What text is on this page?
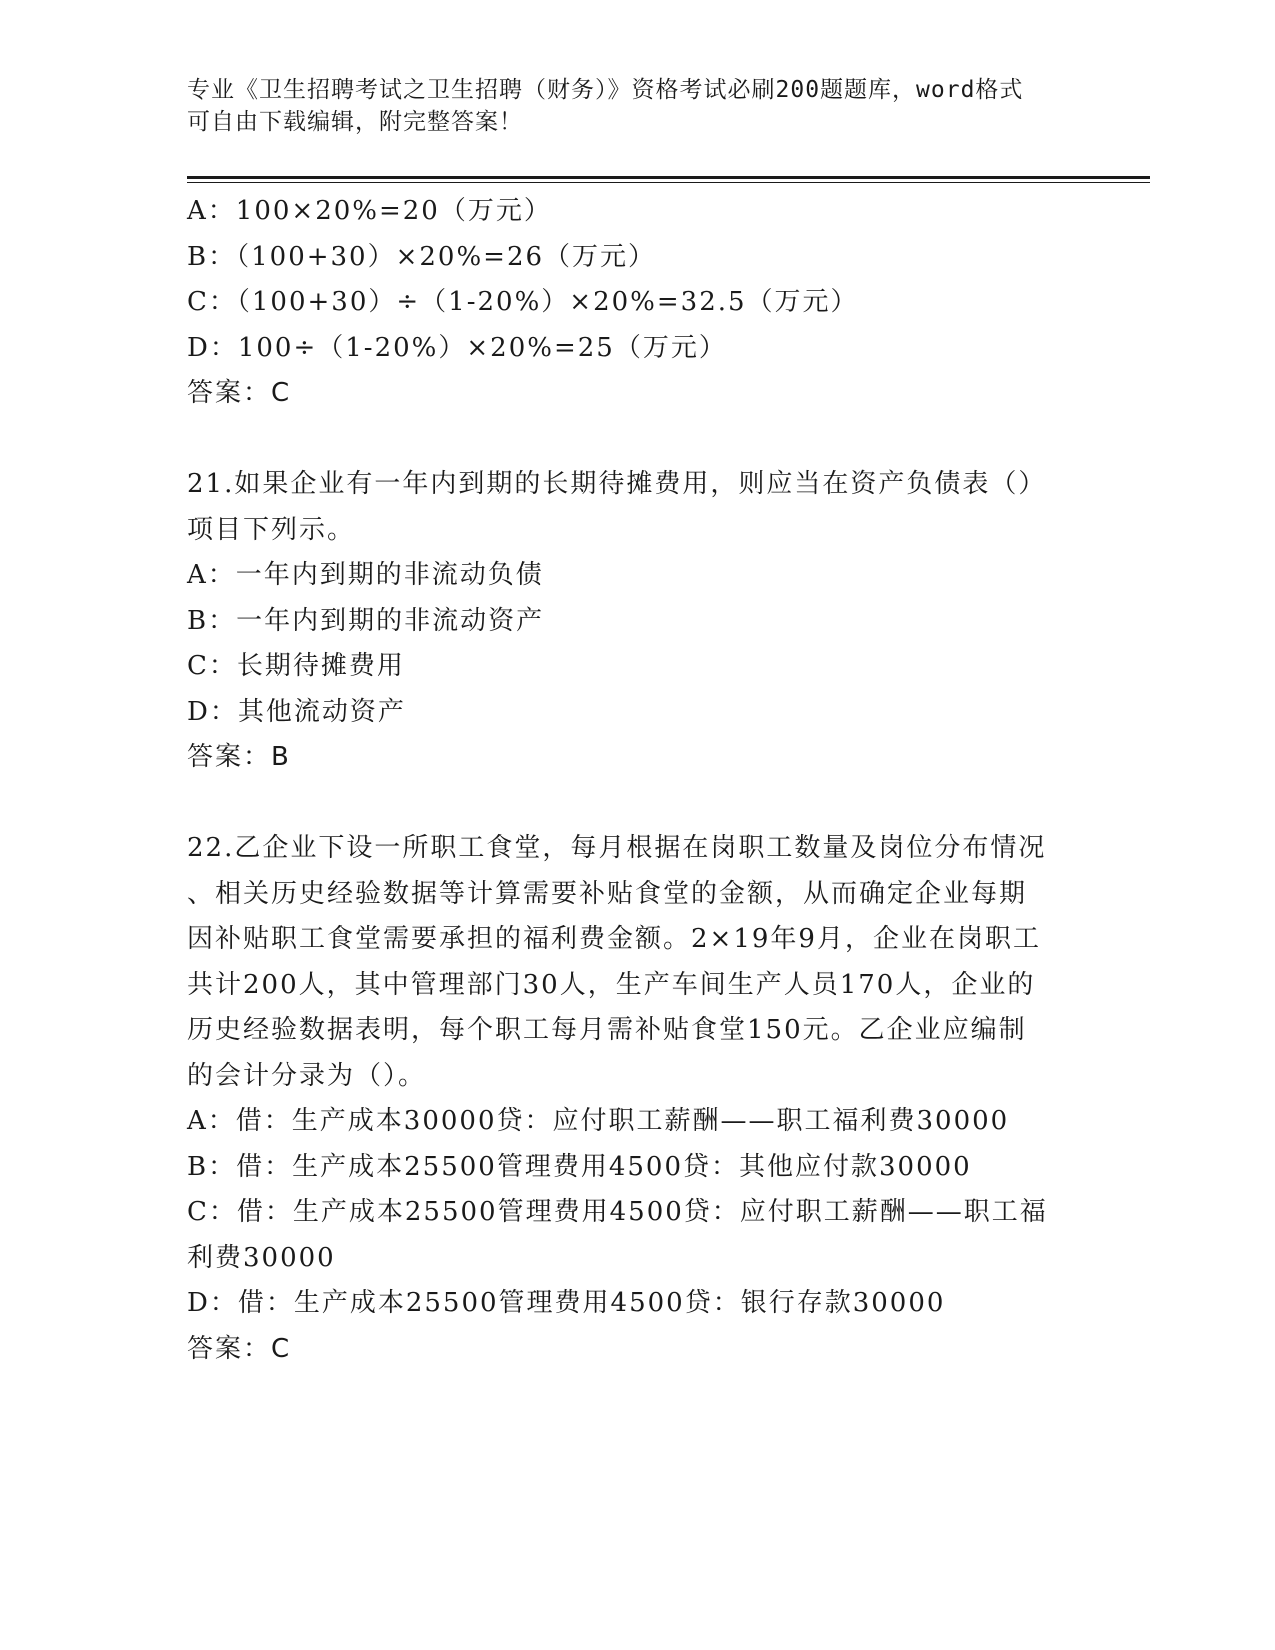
专业《卫生招聘考试之卫生招聘（财务）》资格考试必刷200题题库，word格式
可自由下载编辑，附完整答案！
A：100×20%=20（万元）
B：（100+30）×20%=26（万元）
C：（100+30）÷（1-20%）×20%=32.5（万元）
D：100÷（1-20%）×20%=25（万元）
答案：C
21.如果企业有一年内到期的长期待摊费用，则应当在资产负债表（）
项目下列示。
A：一年内到期的非流动负债
B：一年内到期的非流动资产
C：长期待摊费用
D：其他流动资产
答案：B
22.乙企业下设一所职工食堂，每月根据在岗职工数量及岗位分布情况
、相关历史经验数据等计算需要补贴食堂的金额，从而确定企业每期
因补贴职工食堂需要承担的福利费金额。2×19年9月，企业在岗职工
共计200人，其中管理部门30人，生产车间生产人员170人，企业的
历史经验数据表明，每个职工每月需补贴食堂150元。乙企业应编制
的会计分录为（）。
A：借：生产成本30000贷：应付职工薪酬——职工福利费30000
B：借：生产成本25500管理费用4500贷：其他应付款30000
C：借：生产成本25500管理费用4500贷：应付职工薪酬——职工福
利费30000
D：借：生产成本25500管理费用4500贷：银行存款30000
答案：C
